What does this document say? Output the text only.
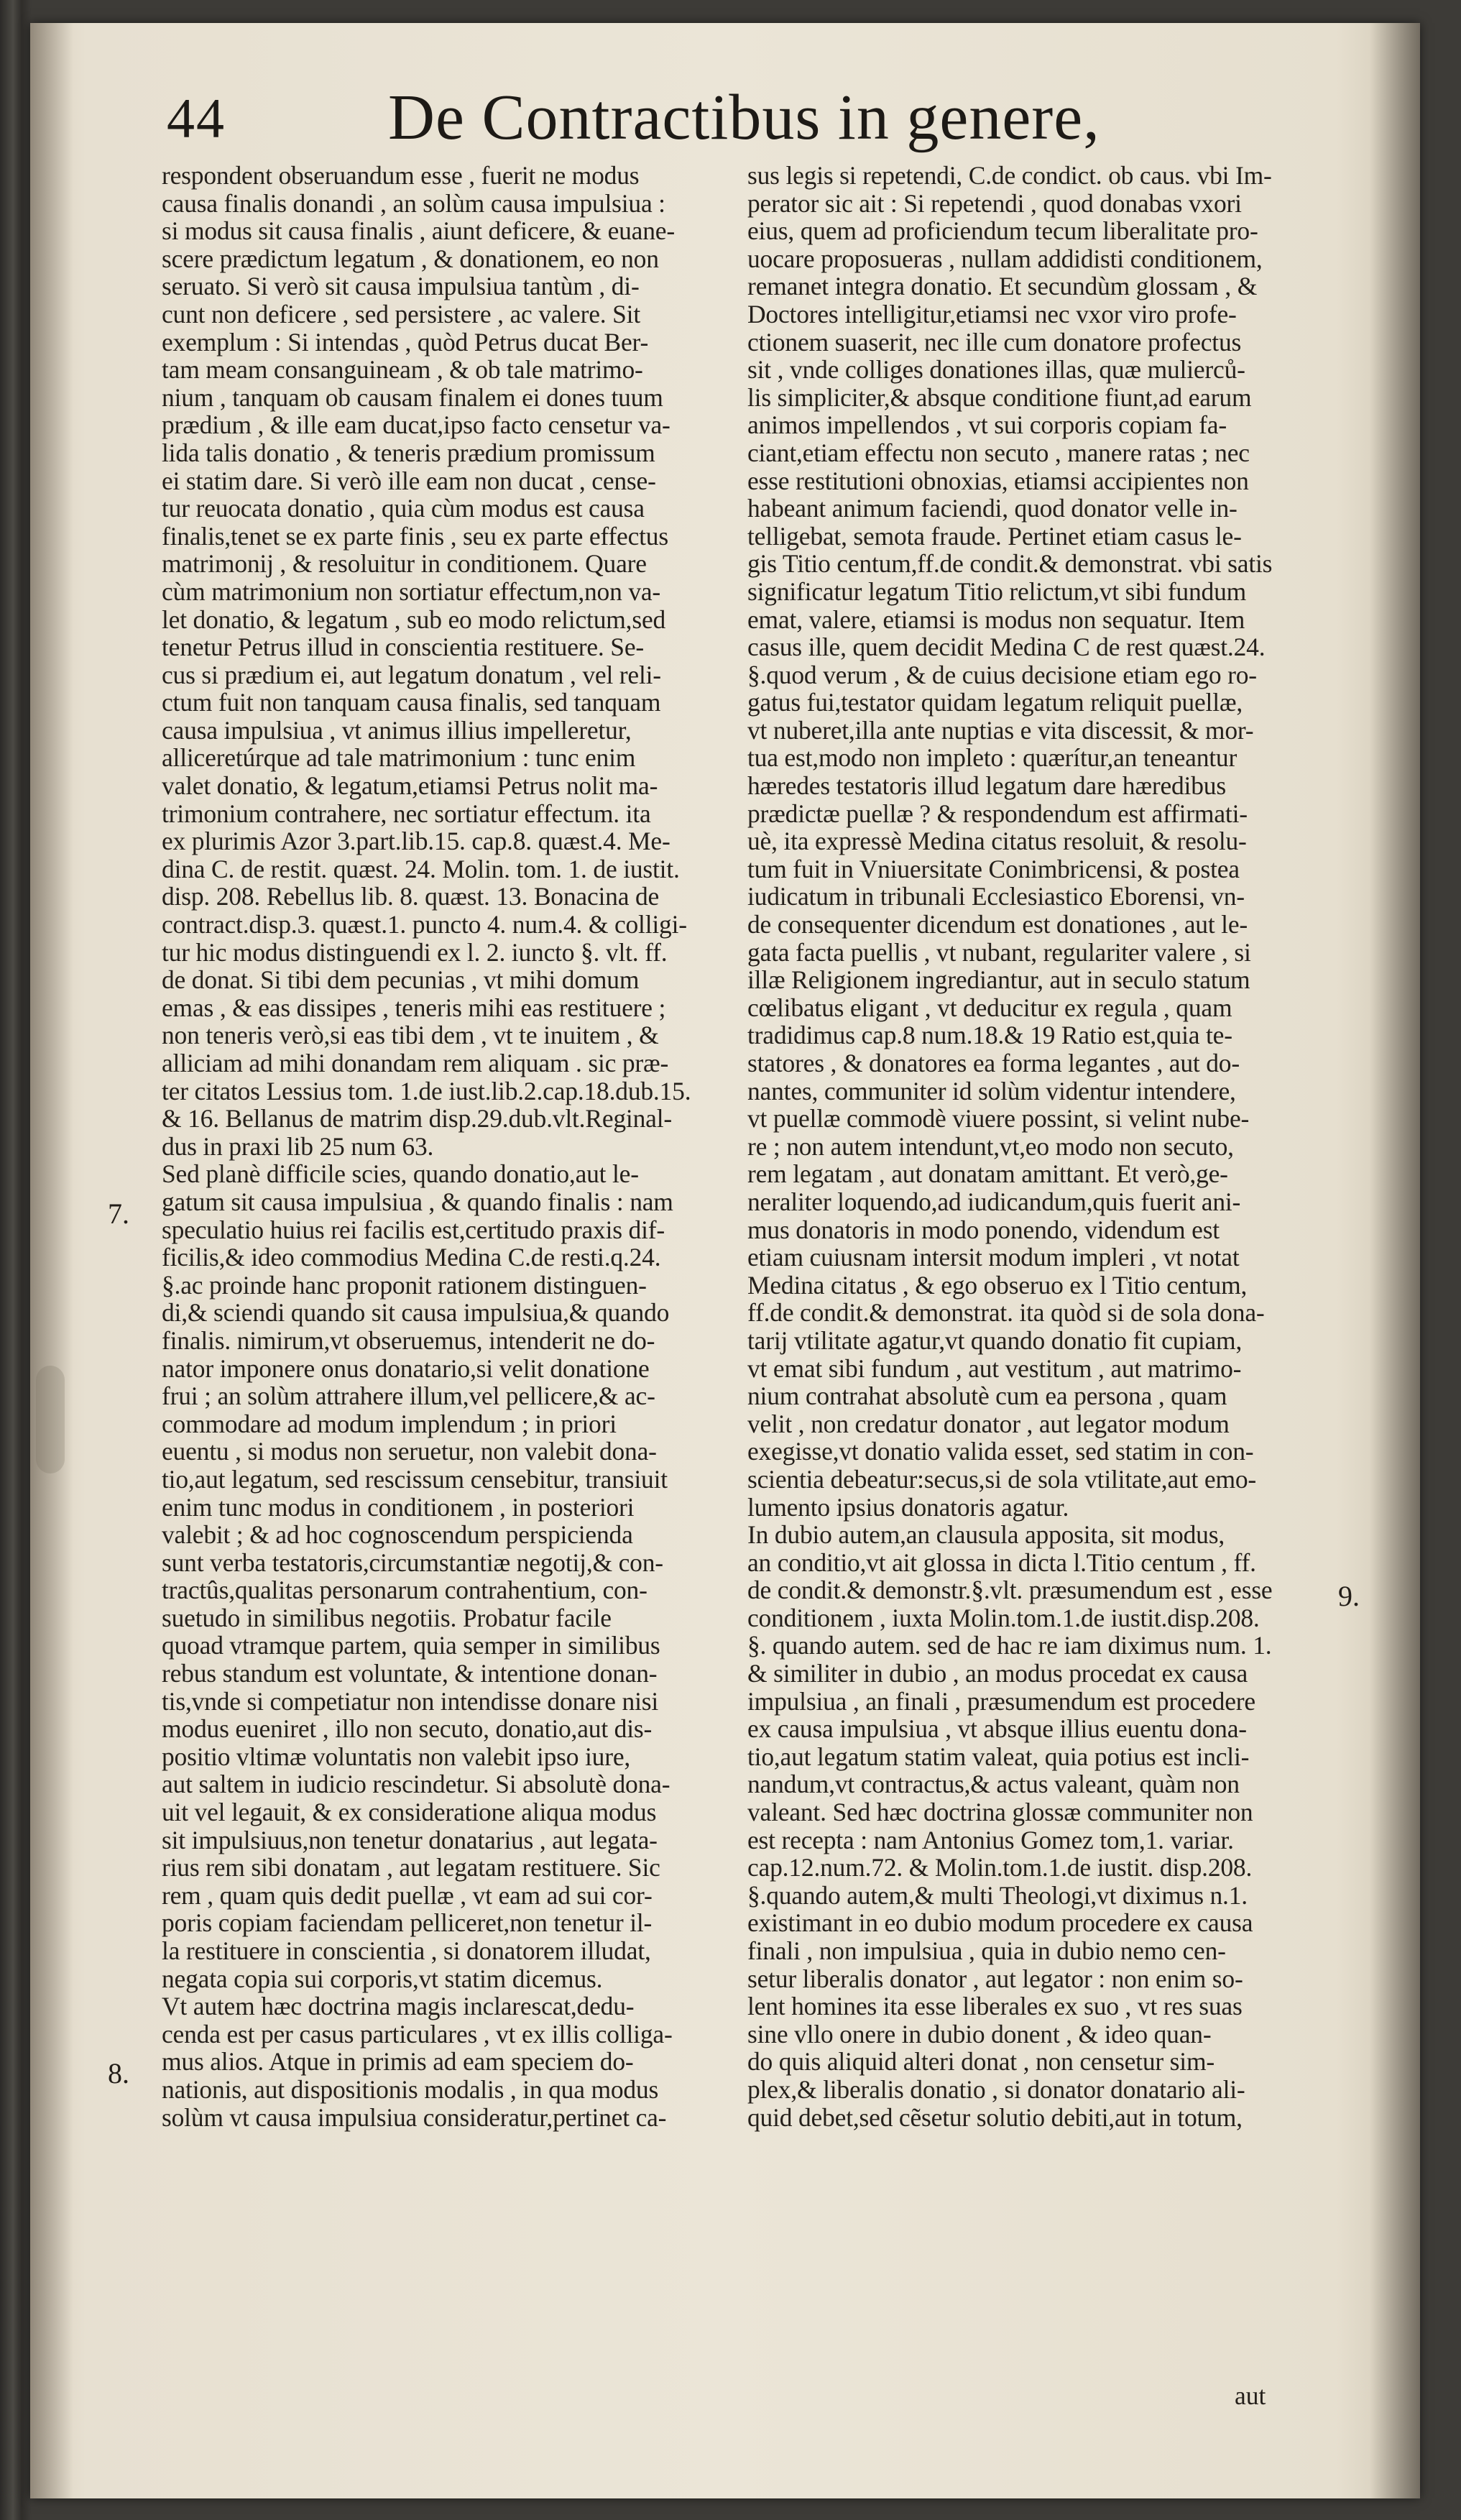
44	De Contractibus in genere,
respondent obseruandum esse , fuerit ne modus
causa finalis donandi , an solùm causa impulsiua :
si modus sit causa finalis , aiunt deficere, & euane-
scere prædictum legatum , & donationem, eo non
seruato. Si verò sit causa impulsiua tantùm , di-
cunt non deficere , sed persistere , ac valere. Sit
exemplum : Si intendas , quòd Petrus ducat Ber-
tam meam consanguineam , & ob tale matrimo-
nium , tanquam ob causam finalem ei dones tuum
prædium , & ille eam ducat,ipso facto censetur va-
lida talis donatio , & teneris prædium promissum
ei statim dare. Si verò ille eam non ducat , cense-
tur reuocata donatio , quia cùm modus est causa
finalis,tenet se ex parte finis , seu ex parte effectus
matrimonij , & resoluitur in conditionem. Quare
cùm matrimonium non sortiatur effectum,non va-
let donatio, & legatum , sub eo modo relictum,sed
tenetur Petrus illud in conscientia restituere. Se-
cus si prædium ei, aut legatum donatum , vel reli-
ctum fuit non tanquam causa finalis, sed tanquam
causa impulsiua , vt animus illius impelleretur,
alliceretúrque ad tale matrimonium : tunc enim
valet donatio, & legatum,etiamsi Petrus nolit ma-
trimonium contrahere, nec sortiatur effectum. ita
ex plurimis Azor 3.part.lib.15. cap.8. quæst.4. Me-
dina C. de restit. quæst. 24. Molin. tom. 1. de iustit.
disp. 208. Rebellus lib. 8. quæst. 13. Bonacina de
contract.disp.3. quæst.1. puncto 4. num.4. & colligi-
tur hic modus distinguendi ex l. 2. iuncto §. vlt. ff.
de donat. Si tibi dem pecunias , vt mihi domum
emas , & eas dissipes , teneris mihi eas restituere ;
non teneris verò,si eas tibi dem , vt te inuitem , &
alliciam ad mihi donandam rem aliquam . sic præ-
ter citatos Lessius tom. 1.de iust.lib.2.cap.18.dub.15.
& 16. Bellanus de matrim disp.29.dub.vlt.Reginal-
dus in praxi lib 25 num 63.
Sed planè difficile scies, quando donatio,aut le-
gatum sit causa impulsiua , & quando finalis : nam
speculatio huius rei facilis est,certitudo praxis dif-
ficilis,& ideo commodius Medina C.de resti.q.24.
§.ac proinde hanc proponit rationem distinguen-
di,& sciendi quando sit causa impulsiua,& quando
finalis. nimirum,vt obseruemus, intenderit ne do-
nator imponere onus donatario,si velit donatione
frui ; an solùm attrahere illum,vel pellicere,& ac-
commodare ad modum implendum ; in priori
euentu , si modus non seruetur, non valebit dona-
tio,aut legatum, sed rescissum censebitur, transiuit
enim tunc modus in conditionem , in posteriori
valebit ; & ad hoc cognoscendum perspicienda
sunt verba testatoris,circumstantiæ negotij,& con-
tractûs,qualitas personarum contrahentium, con-
suetudo in similibus negotiis. Probatur facile
quoad vtramque partem, quia semper in similibus
rebus standum est voluntate, & intentione donan-
tis,vnde si competiatur non intendisse donare nisi
modus eueniret , illo non secuto, donatio,aut dis-
positio vltimæ voluntatis non valebit ipso iure,
aut saltem in iudicio rescindetur. Si absolutè dona-
uit vel legauit, & ex consideratione aliqua modus
sit impulsiuus,non tenetur donatarius , aut legata-
rius rem sibi donatam , aut legatam restituere. Sic
rem , quam quis dedit puellæ , vt eam ad sui cor-
poris copiam faciendam pelliceret,non tenetur il-
la restituere in conscientia , si donatorem illudat,
negata copia sui corporis,vt statim dicemus.
Vt autem hæc doctrina magis inclarescat,dedu-
cenda est per casus particulares , vt ex illis colliga-
mus alios. Atque in primis ad eam speciem do-
nationis, aut dispositionis modalis , in qua modus
solùm vt causa impulsiua consideratur,pertinet ca-
sus legis si repetendi, C.de condict. ob caus. vbi Im-
perator sic ait : Si repetendi , quod donabas vxori
eius, quem ad proficiendum tecum liberalitate pro-
uocare proposueras , nullam addidisti conditionem,
remanet integra donatio. Et secundùm glossam , &
Doctores intelligitur,etiamsi nec vxor viro profe-
ctionem suaserit, nec ille cum donatore profectus
sit , vnde colliges donationes illas, quæ mulierců-
lis simpliciter,& absque conditione fiunt,ad earum
animos impellendos , vt sui corporis copiam fa-
ciant,etiam effectu non secuto , manere ratas ; nec
esse restitutioni obnoxias, etiamsi accipientes non
habeant animum faciendi, quod donator velle in-
telligebat, semota fraude. Pertinet etiam casus le-
gis Titio centum,ff.de condit.& demonstrat. vbi satis
significatur legatum Titio relictum,vt sibi fundum
emat, valere, etiamsi is modus non sequatur. Item
casus ille, quem decidit Medina C de rest quæst.24.
§.quod verum , & de cuius decisione etiam ego ro-
gatus fui,testator quidam legatum reliquit puellæ,
vt nuberet,illa ante nuptias e vita discessit, & mor-
tua est,modo non impleto : quærítur,an teneantur
hæredes testatoris illud legatum dare hæredibus
prædictæ puellæ ? & respondendum est affirmati-
uè, ita expressè Medina citatus resoluit, & resolu-
tum fuit in Vniuersitate Conimbricensi, & postea
iudicatum in tribunali Ecclesiastico Eborensi, vn-
de consequenter dicendum est donationes , aut le-
gata facta puellis , vt nubant, regulariter valere , si
illæ Religionem ingrediantur, aut in seculo statum
cœlibatus eligant , vt deducitur ex regula , quam
tradidimus cap.8 num.18.& 19 Ratio est,quia te-
statores , & donatores ea forma legantes , aut do-
nantes, communiter id solùm videntur intendere,
vt puellæ commodè viuere possint, si velint nube-
re ; non autem intendunt,vt,eo modo non secuto,
rem legatam , aut donatam amittant. Et verò,ge-
neraliter loquendo,ad iudicandum,quis fuerit ani-
mus donatoris in modo ponendo, videndum est
etiam cuiusnam intersit modum impleri , vt notat
Medina citatus , & ego obseruo ex l Titio centum,
ff.de condit.& demonstrat. ita quòd si de sola dona-
tarij vtilitate agatur,vt quando donatio fit cupiam,
vt emat sibi fundum , aut vestitum , aut matrimo-
nium contrahat absolutè cum ea persona , quam
velit , non credatur donator , aut legator modum
exegisse,vt donatio valida esset, sed statim in con-
scientia debeatur:secus,si de sola vtilitate,aut emo-
lumento ipsius donatoris agatur.
In dubio autem,an clausula apposita, sit modus,
an conditio,vt ait glossa in dicta l.Titio centum , ff.
de condit.& demonstr.§.vlt. præsumendum est , esse
conditionem , iuxta Molin.tom.1.de iustit.disp.208.
§. quando autem. sed de hac re iam diximus num. 1.
& similiter in dubio , an modus procedat ex causa
impulsiua , an finali , præsumendum est procedere
ex causa impulsiua , vt absque illius euentu dona-
tio,aut legatum statim valeat, quia potius est incli-
nandum,vt contractus,& actus valeant, quàm non
valeant. Sed hæc doctrina glossæ communiter non
est recepta : nam Antonius Gomez tom,1. variar.
cap.12.num.72. & Molin.tom.1.de iustit. disp.208.
§.quando autem,& multi Theologi,vt diximus n.1.
existimant in eo dubio modum procedere ex causa
finali , non impulsiua , quia in dubio nemo cen-
setur liberalis donator , aut legator : non enim so-
lent homines ita esse liberales ex suo , vt res suas
sine vllo onere in dubio donent , & ideo quan-
do quis aliquid alteri donat , non censetur sim-
plex,& liberalis donatio , si donator donatario ali-
quid debet,sed cẽsetur solutio debiti,aut in totum,
7.
8.
9.
aut
